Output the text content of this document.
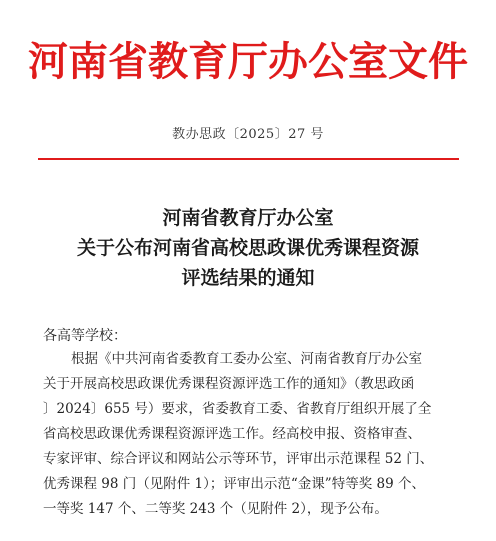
河南省教育厅办公室文件
教办思政〔2025〕27 号
河南省教育厅办公室
关于公布河南省高校思政课优秀课程资源
评选结果的通知
各高等学校：
根据《中共河南省委教育工委办公室、河南省教育厅办公室
关于开展高校思政课优秀课程资源评选工作的通知》（教思政函
〕2024〕655 号）要求，省委教育工委、省教育厅组织开展了全
省高校思政课优秀课程资源评选工作。经高校申报、资格审查、
专家评审、综合评议和网站公示等环节，评审出示范课程 52 门、
优秀课程 98 门（见附件 1）；评审出示范“金课”特等奖 89 个、
一等奖 147 个、二等奖 243 个（见附件 2），现予公布。
